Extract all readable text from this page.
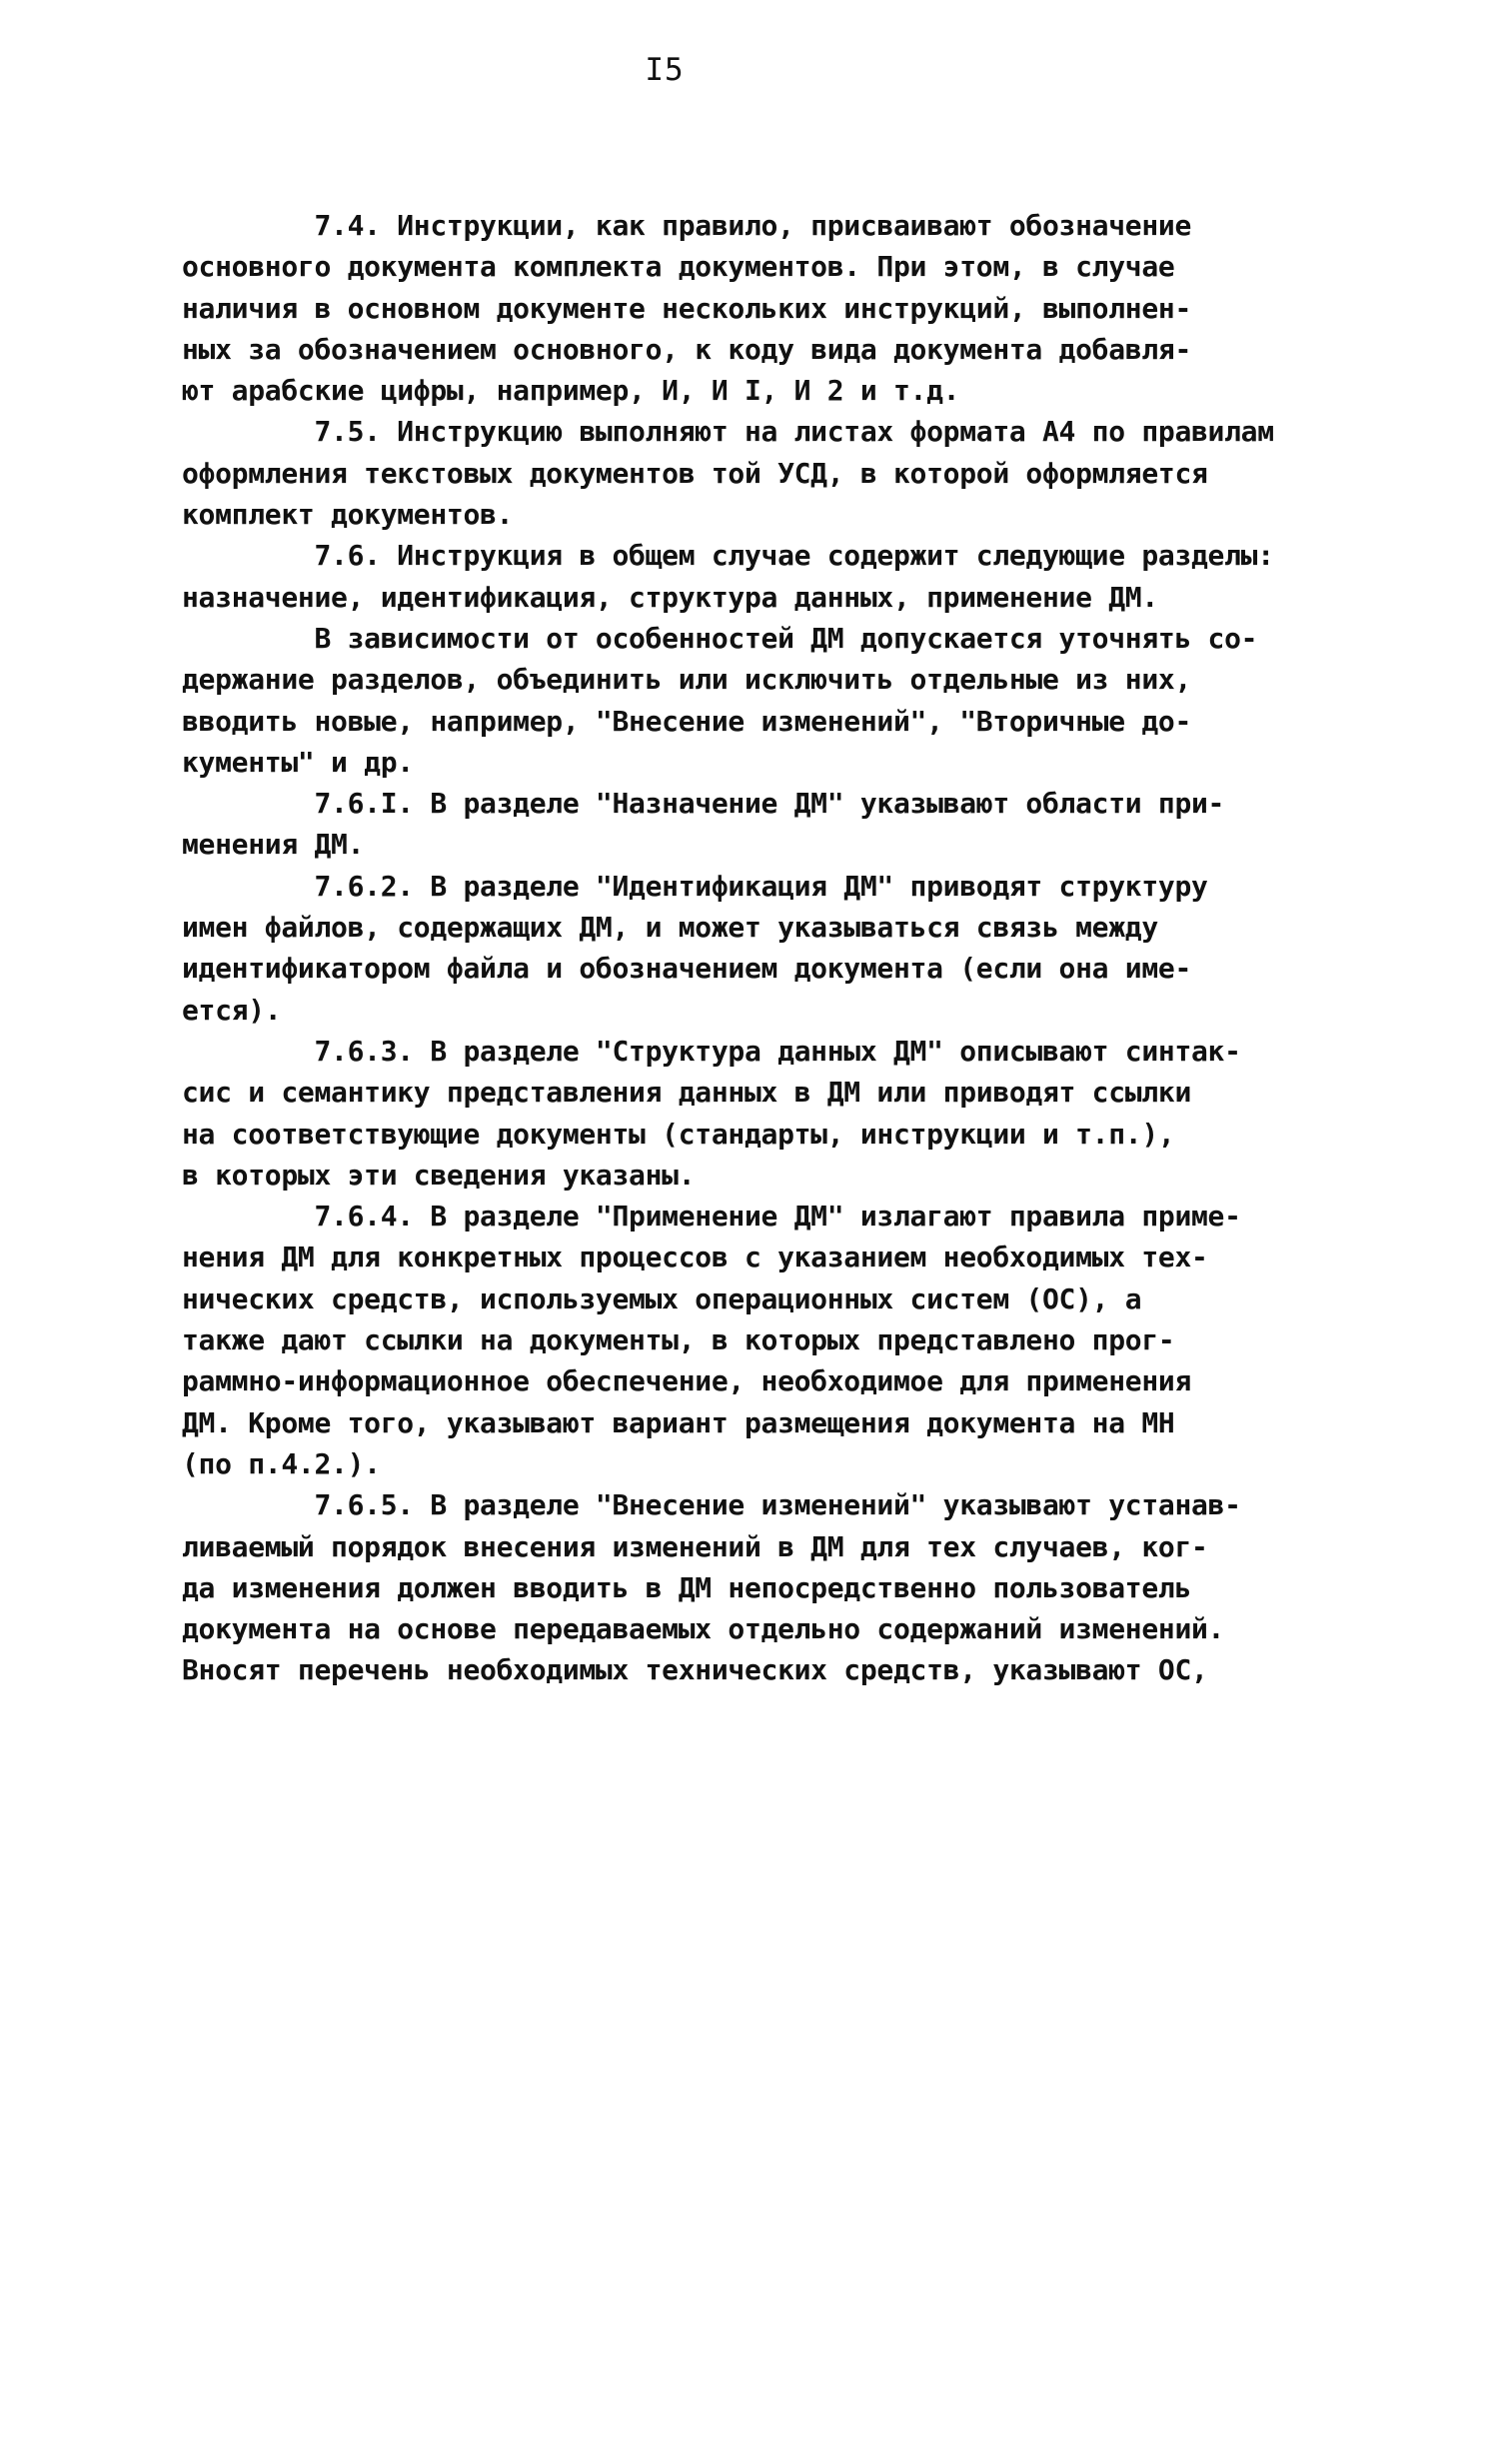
I5
7.4. Инструкции, как правило, присваивают обозначение
основного документа комплекта документов. При этом, в случае
наличия в основном документе нескольких инструкций, выполнен-
ных за обозначением основного, к коду вида документа добавля-
ют арабские цифры, например, И, И I, И 2 и т.д.
7.5. Инструкцию выполняют на листах формата А4 по правилам
оформления текстовых документов той УСД, в которой оформляется
комплект документов.
7.6. Инструкция в общем случае содержит следующие разделы:
назначение, идентификация, структура данных, применение ДМ.
В зависимости от особенностей ДМ допускается уточнять со-
держание разделов, объединить или исключить отдельные из них,
вводить новые, например, "Внесение изменений", "Вторичные до-
кументы" и др.
7.6.I. В разделе "Назначение ДМ" указывают области при-
менения ДМ.
7.6.2. В разделе "Идентификация ДМ" приводят структуру
имен файлов, содержащих ДМ, и может указываться связь между
идентификатором файла и обозначением документа (если она име-
ется).
7.6.3. В разделе "Структура данных ДМ" описывают синтак-
сис и семантику представления данных в ДМ или приводят ссылки
на соответствующие документы (стандарты, инструкции и т.п.),
в которых эти сведения указаны.
7.6.4. В разделе "Применение ДМ" излагают правила приме-
нения ДМ для конкретных процессов с указанием необходимых тех-
нических средств, используемых операционных систем (ОС), а
также дают ссылки на документы, в которых представлено прог-
раммно-информационное обеспечение, необходимое для применения
ДМ. Кроме того, указывают вариант размещения документа на МН
(по п.4.2.).
7.6.5. В разделе "Внесение изменений" указывают устанав-
ливаемый порядок внесения изменений в ДМ для тех случаев, ког-
да изменения должен вводить в ДМ непосредственно пользователь
документа на основе передаваемых отдельно содержаний изменений.
Вносят перечень необходимых технических средств, указывают ОС,
